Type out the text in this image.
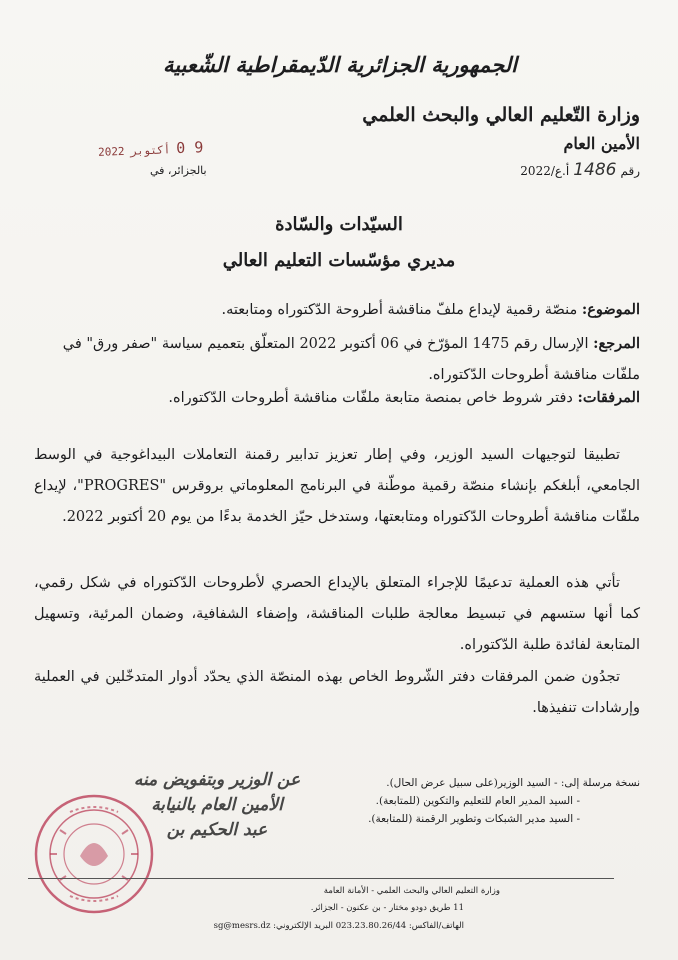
الجمهورية الجزائرية الدّيمقراطية الشّعبية
وزارة التّعليم العالي والبحث العلمي
الأمين العام
رقم
1486
أ.ع/2022
بالجزائر، في
2022 أكتوبر 0 9
السيّدات والسّادة
مديري مؤسّسات التعليم العالي
الموضوع: منصّة رقمية لإيداع ملفّ مناقشة أطروحة الدّكتوراه ومتابعته.
المرجع: الإرسال رقم 1475 المؤرّخ في 06 أكتوبر 2022 المتعلّق بتعميم سياسة "صفر ورق" في ملفّات مناقشة أطروحات الدّكتوراه.
المرفقات: دفتر شروط خاص بمنصة متابعة ملفّات مناقشة أطروحات الدّكتوراه.
تطبيقا لتوجيهات السيد الوزير، وفي إطار تعزيز تدابير رقمنة التعاملات البيداغوجية في الوسط الجامعي، أبلغكم بإنشاء منصّة رقمية موطّنة في البرنامج المعلوماتي بروقرس "PROGRES"، لإيداع ملفّات مناقشة أطروحات الدّكتوراه ومتابعتها، وستدخل حيّز الخدمة بدءًا من يوم 20 أكتوبر 2022.
تأتي هذه العملية تدعيمًا للإجراء المتعلق بالإيداع الحصري لأطروحات الدّكتوراه في شكل رقمي، كما أنها ستسهم في تبسيط معالجة طلبات المناقشة، وإضفاء الشفافية، وضمان المرئية، وتسهيل المتابعة لفائدة طلبة الدّكتوراه.
تجدُون ضمن المرفقات دفتر الشّروط الخاص بهذه المنصّة الذي يحدّد أدوار المتدخّلين في العملية وإرشادات تنفيذها.
نسخة مرسلة إلى: - السيد الوزير(على سبيل عرض الحال).
- السيد المدير العام للتعليم والتكوين (للمتابعة).
- السيد مدير الشبكات وتطوير الرقمنة (للمتابعة).
عن الوزير وبتفويض منه
الأمين العام بالنيابة
عبد الحكيم بن
وزارة التعليم العالي والبحث العلمي - الأمانة العامة
11 طريق دودو مختار - بن عكنون - الجزائر.
الهاتف/الفاكس: 023.23.80.26/44 البريد الإلكتروني: sg@mesrs.dz
